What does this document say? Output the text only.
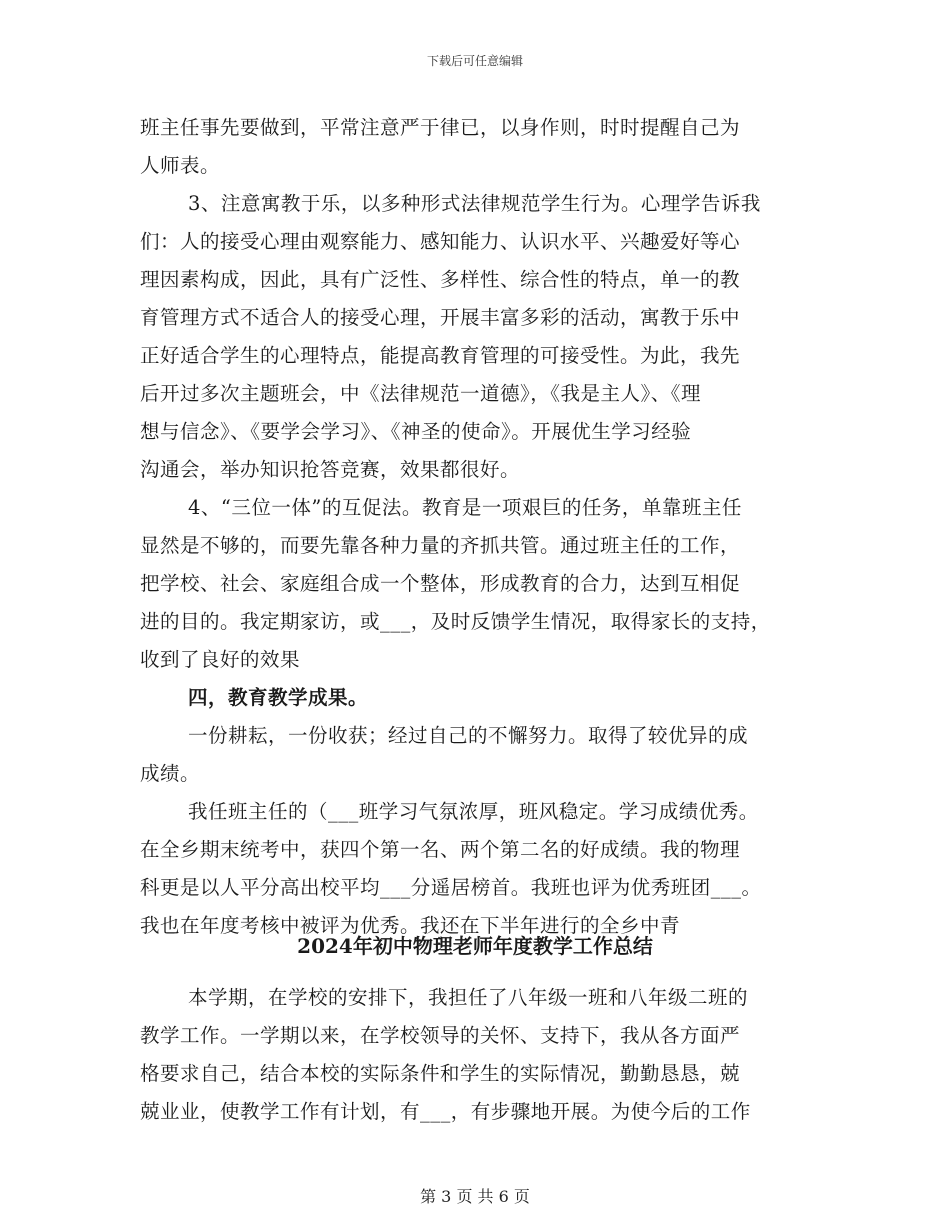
下载后可任意编辑
班主任事先要做到，平常注意严于律已，以身作则，时时提醒自己为
人师表。
3、注意寓教于乐，以多种形式法律规范学生行为。心理学告诉我
们：人的接受心理由观察能力、感知能力、认识水平、兴趣爱好等心
理因素构成，因此，具有广泛性、多样性、综合性的特点，单一的教
育管理方式不适合人的接受心理，开展丰富多彩的活动，寓教于乐中
正好适合学生的心理特点，能提高教育管理的可接受性。为此，我先
后开过多次主题班会，中《法律规范一道德》，《我是主人》、《理
想与信念》、《要学会学习》、《神圣的使命》。开展优生学习经验
沟通会，举办知识抢答竞赛，效果都很好。
4、“三位一体”的互促法。教育是一项艰巨的任务，单靠班主任
显然是不够的，而要先靠各种力量的齐抓共管。通过班主任的工作，
把学校、社会、家庭组合成一个整体，形成教育的合力，达到互相促
进的目的。我定期家访，或___，及时反馈学生情况，取得家长的支持，
收到了良好的效果
四，教育教学成果。
一份耕耘，一份收获；经过自己的不懈努力。取得了较优异的成
成绩。
我任班主任的（___班学习气氛浓厚，班风稳定。学习成绩优秀。
在全乡期末统考中，获四个第一名、两个第二名的好成绩。我的物理
科更是以人平分高出校平均___分遥居榜首。我班也评为优秀班团___。
我也在年度考核中被评为优秀。我还在下半年进行的全乡中青
2024年初中物理老师年度教学工作总结
本学期，在学校的安排下，我担任了八年级一班和八年级二班的
教学工作。一学期以来，在学校领导的关怀、支持下，我从各方面严
格要求自己，结合本校的实际条件和学生的实际情况，勤勤恳恳，兢
兢业业，使教学工作有计划，有___，有步骤地开展。为使今后的工作
第 3 页 共 6 页
